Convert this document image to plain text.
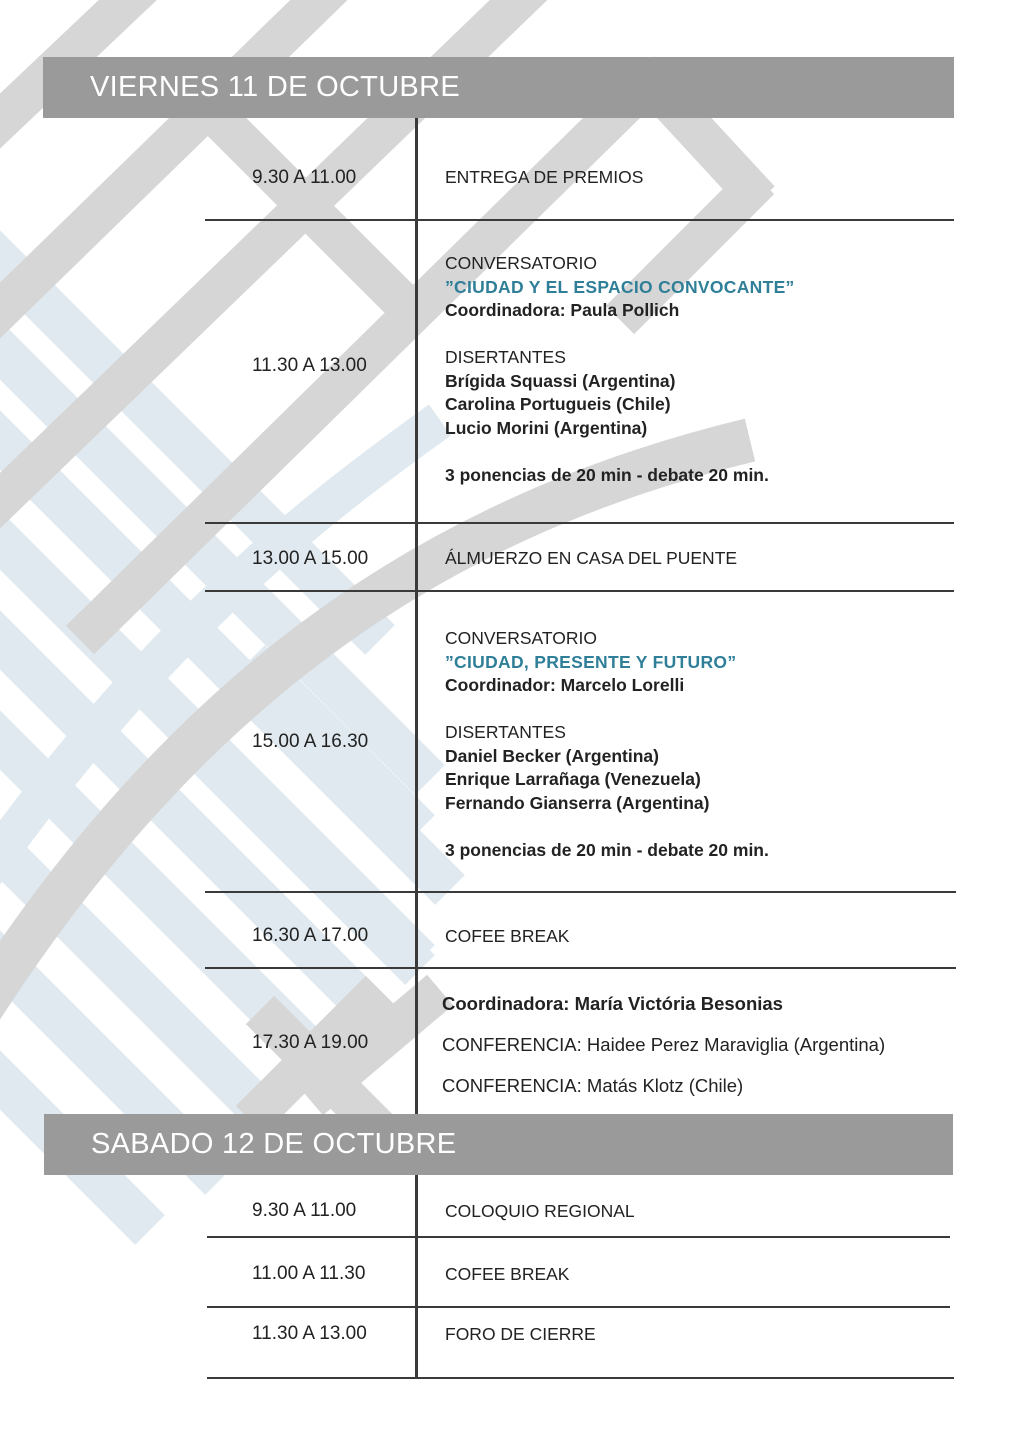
VIERNES 11 DE OCTUBRE
9.30 A 11.00	ENTREGA DE PREMIOS
11.30 A 13.00
CONVERSATORIO
”CIUDAD Y EL ESPACIO CONVOCANTE”
Coordinadora: Paula Pollich
DISERTANTES
Brígida Squassi (Argentina)
Carolina Portugueis (Chile)
Lucio Morini (Argentina)
3 ponencias de 20 min - debate 20 min.
13.00 A 15.00	ÁLMUERZO EN CASA DEL PUENTE
15.00 A 16.30
CONVERSATORIO
”CIUDAD, PRESENTE Y FUTURO”
Coordinador: Marcelo Lorelli
DISERTANTES
Daniel Becker (Argentina)
Enrique Larrañaga (Venezuela)
Fernando Gianserra (Argentina)
3 ponencias de 20 min - debate 20 min.
16.30 A 17.00	COFEE BREAK
17.30 A 19.00
Coordinadora: María Victória Besonias
CONFERENCIA: Haidee Perez Maraviglia (Argentina)
CONFERENCIA: Matás Klotz (Chile)
SABADO 12 DE OCTUBRE
9.30 A 11.00	COLOQUIO REGIONAL
11.00 A 11.30	COFEE BREAK
11.30 A 13.00	FORO DE CIERRE
